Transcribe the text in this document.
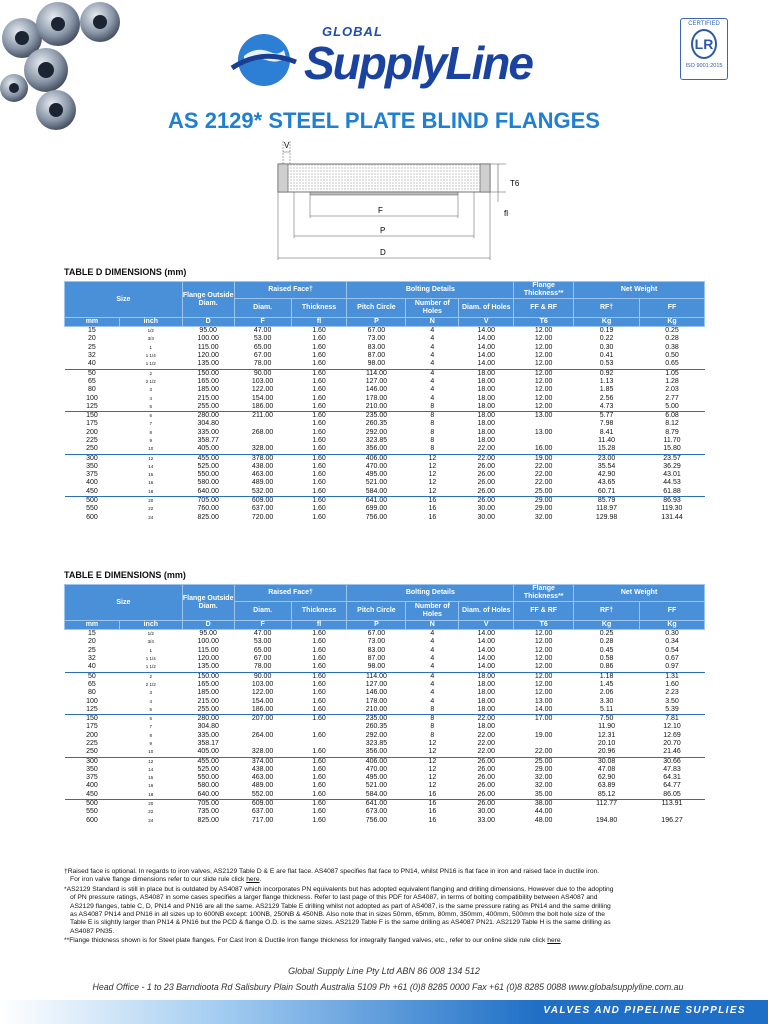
GLOBAL
SupplyLine
CERTIFIED
LR
ISO 9001:2015
AS 2129* STEEL PLATE BLIND FLANGES
V
T6
fl
F
P
D
TABLE D DIMENSIONS (mm)
Size		Flange Outside Diam.	Raised Face†		Bolting Details			Flange Thickness**	Net Weight	
			Diam.	Thickness	Pitch Circle	Number of Holes	Diam. of Holes	FF & RF	RF†	FF
mm	inch	D	F	fl	P	N	V	T6	Kg	Kg
15	1/2	95.00	47.00	1.60	67.00	4	14.00	12.00	0.19	0.25
20	3/4	100.00	53.00	1.60	73.00	4	14.00	12.00	0.22	0.28
25	1	115.00	65.00	1.60	83.00	4	14.00	12.00	0.30	0.38
32	1 1/4	120.00	67.00	1.60	87.00	4	14.00	12.00	0.41	0.50
40	1 1/2	135.00	78.00	1.60	98.00	4	14.00	12.00	0.53	0.65
50	2	150.00	90.00	1.60	114.00	4	18.00	12.00	0.92	1.05
65	2 1/2	165.00	103.00	1.60	127.00	4	18.00	12.00	1.13	1.28
80	3	185.00	122.00	1.60	146.00	4	18.00	12.00	1.85	2.03
100	4	215.00	154.00	1.60	178.00	4	18.00	12.00	2.56	2.77
125	5	255.00	186.00	1.60	210.00	8	18.00	12.00	4.73	5.00
150	6	280.00	211.00	1.60	235.00	8	18.00	13.00	5.77	6.08
175	7	304.80		1.60	260.35	8	18.00		7.98	8.12
200	8	335.00	268.00	1.60	292.00	8	18.00	13.00	8.41	8.79
225	9	358.77		1.60	323.85	8	18.00		11.40	11.70
250	10	405.00	328.00	1.60	356.00	8	22.00	16.00	15.28	15.80
300	12	455.00	378.00	1.60	406.00	12	22.00	19.00	23.00	23.57
350	14	525.00	438.00	1.60	470.00	12	26.00	22.00	35.54	36.29
375	15	550.00	463.00	1.60	495.00	12	26.00	22.00	42.90	43.01
400	16	580.00	489.00	1.60	521.00	12	26.00	22.00	43.65	44.53
450	18	640.00	532.00	1.60	584.00	12	26.00	25.00	60.71	61.88
500	20	705.00	609.00	1.60	641.00	16	26.00	29.00	85.79	86.93
550	22	760.00	637.00	1.60	699.00	16	30.00	29.00	118.97	119.30
600	24	825.00	720.00	1.60	756.00	16	30.00	32.00	129.98	131.44
TABLE E DIMENSIONS (mm)
Size		Flange Outside Diam.	Raised Face†		Bolting Details			Flange Thickness**	Net Weight	
			Diam.	Thickness	Pitch Circle	Number of Holes	Diam. of Holes	FF & RF	RF†	FF
mm	inch	D	F	fl	P	N	V	T6	Kg	Kg
15	1/2	95.00	47.00	1.60	67.00	4	14.00	12.00	0.25	0.30
20	3/4	100.00	53.00	1.60	73.00	4	14.00	12.00	0.28	0.34
25	1	115.00	65.00	1.60	83.00	4	14.00	12.00	0.45	0.54
32	1 1/4	120.00	67.00	1.60	87.00	4	14.00	12.00	0.58	0.67
40	1 1/2	135.00	78.00	1.60	98.00	4	14.00	12.00	0.86	0.97
50	2	150.00	90.00	1.60	114.00	4	18.00	12.00	1.18	1.31
65	2 1/2	165.00	103.00	1.60	127.00	4	18.00	12.00	1.45	1.60
80	3	185.00	122.00	1.60	146.00	4	18.00	12.00	2.06	2.23
100	4	215.00	154.00	1.60	178.00	4	18.00	13.00	3.30	3.50
125	5	255.00	186.00	1.60	210.00	8	18.00	14.00	5.11	5.39
150	6	280.00	207.00	1.60	235.00	8	22.00	17.00	7.50	7.81
175	7	304.80			260.35	8	18.00		11.90	12.10
200	8	335.00	264.00	1.60	292.00	8	22.00	19.00	12.31	12.69
225	9	358.17			323.85	12	22.00		20.10	20.70
250	10	405.00	328.00	1.60	356.00	12	22.00	22.00	20.96	21.46
300	12	455.00	374.00	1.60	406.00	12	26.00	25.00	30.08	30.66
350	14	525.00	438.00	1.60	470.00	12	26.00	29.00	47.08	47.83
375	15	550.00	463.00	1.60	495.00	12	26.00	32.00	62.90	64.31
400	16	580.00	489.00	1.60	521.00	12	26.00	32.00	63.89	64.77
450	18	640.00	552.00	1.60	584.00	16	26.00	35.00	85.12	86.05
500	20	705.00	609.00	1.60	641.00	16	26.00	38.00	112.77	113.91
550	22	735.00	637.00	1.60	673.00	16	30.00	44.00		
600	24	825.00	717.00	1.60	756.00	16	33.00	48.00	194.80	196.27

†Raised face is optional. In regards to iron valves, AS2129 Table D & E are flat face. AS4087 specifies flat face to PN14, whilst PN16 is flat face in iron and raised face in ductile iron.
For iron valve flange dimensions refer to our slide rule click here.

*AS2129 Standard is still in place but is outdated by AS4087 which incorporates PN equivalents but has adopted equivalent flanging and drilling dimensions. However due to the adopting
of PN pressure ratings, AS4087 in some cases specifies a larger flange thickness. Refer to last page of this PDF for AS4087, in terms of bolting compatibility between AS4087 and
AS2129 flanges, table C, D, PN14 and PN16 are all the same. AS2129 Table E drilling whilst not adopted as part of AS4087, is the same pressure rating as PN14 and the same drilling
as AS4087 PN14 and PN16 in all sizes up to 600NB except: 100NB, 250NB & 450NB. Also note that in sizes 50mm, 65mm, 80mm, 350mm, 400mm, 500mm the bolt hole size of the
Table E is slightly larger than PN14 & PN16 but the PCD & flange O.D. is the same sizes. AS2129 Table F is the same drilling as AS4087 PN21. AS2129 Table H is the same drilling as
AS4087 PN35.

**Flange thickness shown is for Steel plate flanges. For Cast Iron & Ductile Iron flange thickness for integrally flanged valves, etc., refer to our online slide rule click here.

Global Supply Line Pty Ltd ABN 86 008 134 512
Head Office - 1 to 23 Barndioota Rd Salisbury Plain South Australia 5109 Ph +61 (0)8 8285 0000 Fax +61 (0)8 8285 0088 www.globalsupplyline.com.au
VALVES AND PIPELINE SUPPLIES
